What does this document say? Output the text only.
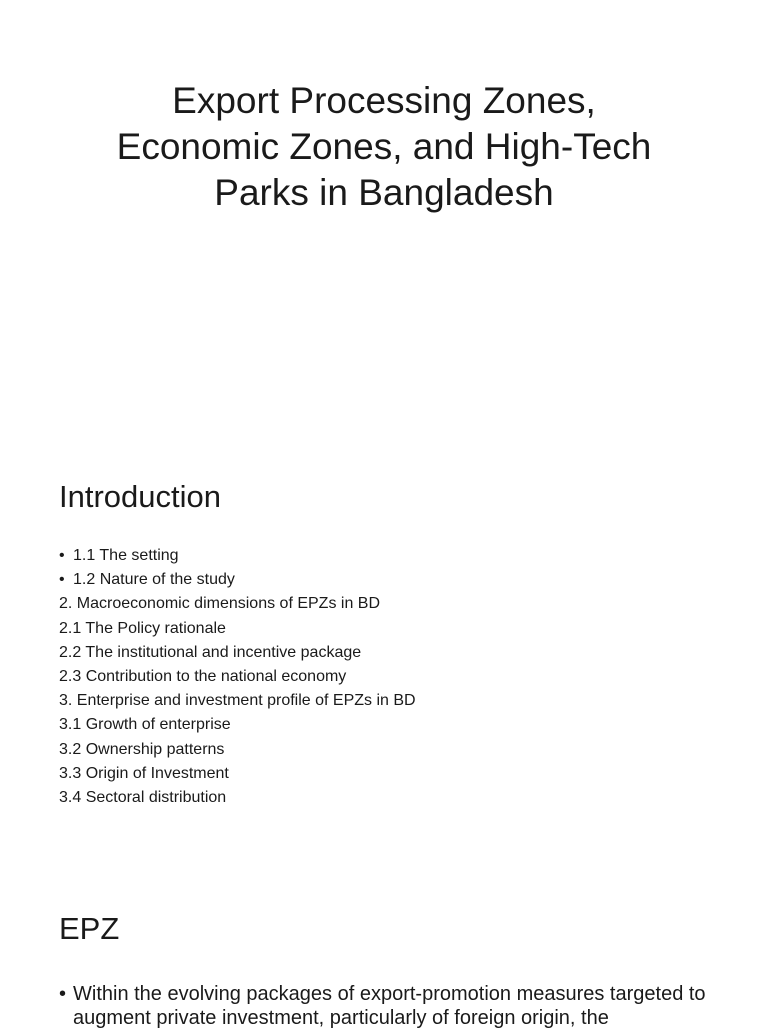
Export Processing Zones,
Economic Zones, and High-Tech
Parks in Bangladesh
Introduction
• 1.1 The setting
• 1.2 Nature of the study
2. Macroeconomic dimensions of EPZs in BD
2.1 The Policy rationale
2.2 The institutional and incentive package
2.3 Contribution to the national economy
3. Enterprise and investment profile of EPZs in BD
3.1 Growth of enterprise
3.2 Ownership patterns
3.3 Origin of Investment
3.4 Sectoral distribution
EPZ
• Within the evolving packages of export-promotion measures targeted to augment private investment, particularly of foreign origin, the
